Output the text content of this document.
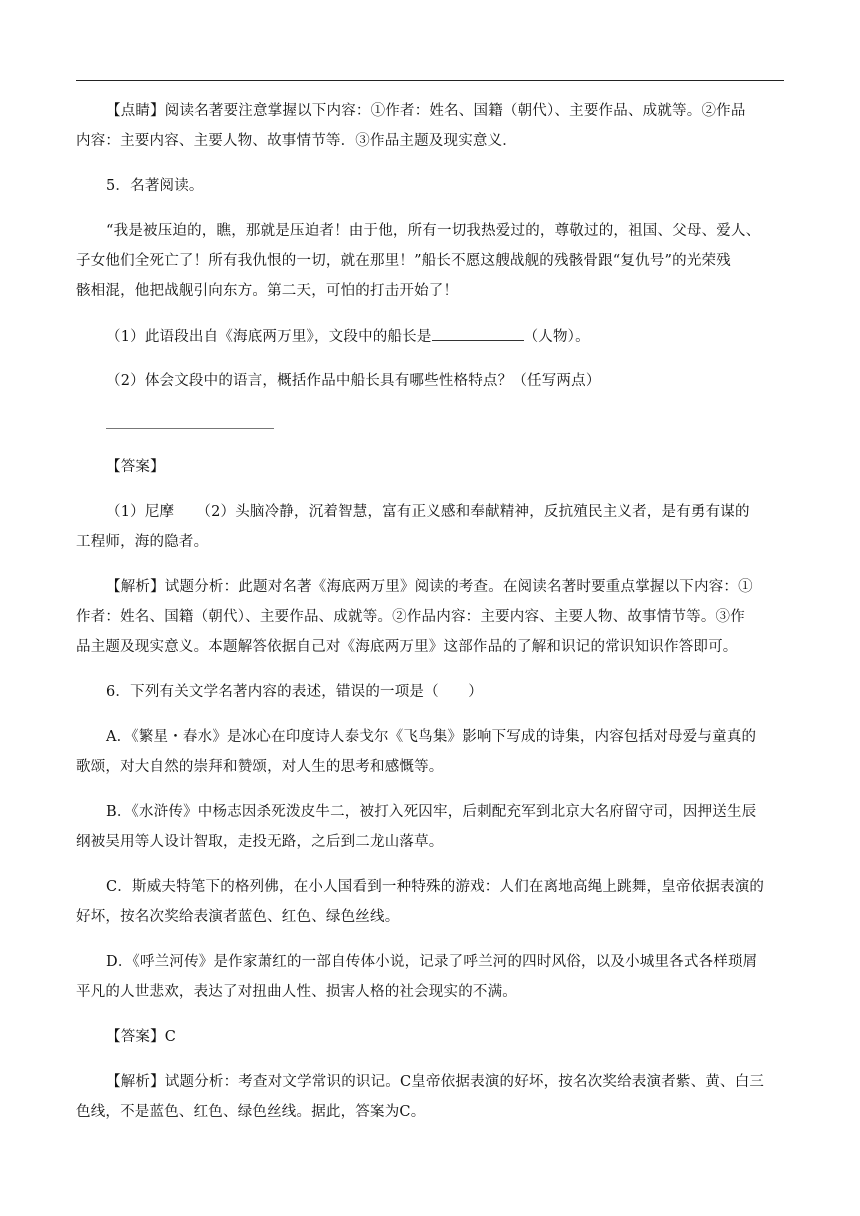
【点睛】阅读名著要注意掌握以下内容：①作者：姓名、国籍（朝代）、主要作品、成就等。②作品
内容：主要内容、主要人物、故事情节等．③作品主题及现实意义．
5．名著阅读。
“我是被压迫的，瞧，那就是压迫者！由于他，所有一切我热爱过的，尊敬过的，祖国、父母、爱人、
子女他们全死亡了！所有我仇恨的一切，就在那里！”船长不愿这艘战舰的残骸骨跟“复仇号”的光荣残
骸相混，他把战舰引向东方。第二天，可怕的打击开始了！
（1）此语段出自《海底两万里》，文段中的船长是	（人物）。
（2）体会文段中的语言，概括作品中船长具有哪些性格特点？（任写两点）
【答案】
（1）尼摩　　（2）头脑冷静，沉着智慧，富有正义感和奉献精神，反抗殖民主义者，是有勇有谋的
工程师，海的隐者。
【解析】试题分析：此题对名著《海底两万里》阅读的考查。在阅读名著时要重点掌握以下内容：①
作者：姓名、国籍（朝代）、主要作品、成就等。②作品内容：主要内容、主要人物、故事情节等。③作
品主题及现实意义。本题解答依据自己对《海底两万里》这部作品的了解和识记的常识知识作答即可。
6．下列有关文学名著内容的表述，错误的一项是（　　）
A．《繁星・春水》是冰心在印度诗人泰戈尔《飞鸟集》影响下写成的诗集，内容包括对母爱与童真的
歌颂，对大自然的崇拜和赞颂，对人生的思考和感慨等。
B．《水浒传》中杨志因杀死泼皮牛二，被打入死囚牢，后刺配充军到北京大名府留守司，因押送生辰
纲被吴用等人设计智取，走投无路，之后到二龙山落草。
C．斯威夫特笔下的格列佛，在小人国看到一种特殊的游戏：人们在离地高绳上跳舞，皇帝依据表演的
好坏，按名次奖给表演者蓝色、红色、绿色丝线。
D．《呼兰河传》是作家萧红的一部自传体小说，记录了呼兰河的四时风俗，以及小城里各式各样琐屑
平凡的人世悲欢，表达了对扭曲人性、损害人格的社会现实的不满。
【答案】C
【解析】试题分析：考查对文学常识的识记。C皇帝依据表演的好坏，按名次奖给表演者紫、黄、白三
色线，不是蓝色、红色、绿色丝线。据此，答案为C。
